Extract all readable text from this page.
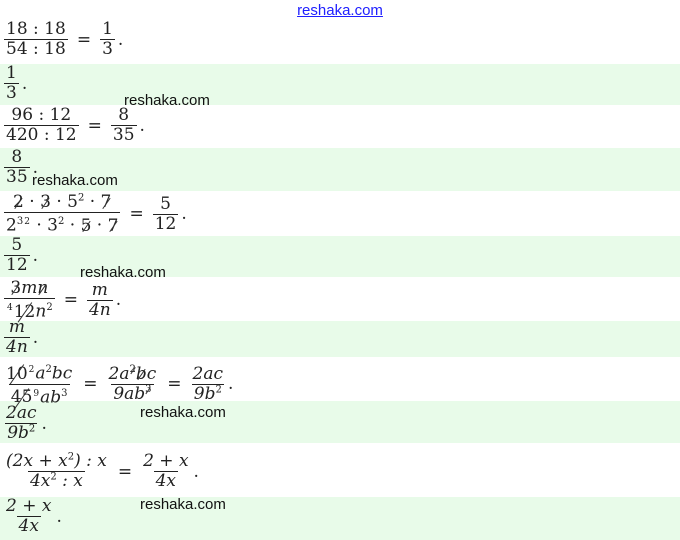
reshaka.com
reshaka.com
reshaka.com
reshaka.com
reshaka.com
reshaka.com
$\frac{18 : 18}{54 : 18} = \frac{1}{3}$ .
$\frac{1}{3}$ .
$\frac{96 : 12}{420 : 12} = \frac{8}{35}$ .
$\frac{8}{35}$ .
$\frac{2 \cdot 3 \cdot 5^2 \cdot 7}{2^{32} \cdot 3^2 \cdot 5 \cdot 7} = \frac{5}{12}$ .
$\frac{5}{12}$ .
$\frac{3mn}{^412n^2} = \frac{m}{4n}$ .
$\frac{m}{4n}$ .
$\frac{10^2a^2bc}{45^9ab^3} = \frac{2a^2bc}{9ab^3} = \frac{2ac}{9b^2}$ .
$\frac{2ac}{9b^2}$ .
$\frac{(2x + x^2) : x}{4x^2 : x} = \frac{2 + x}{4x}$ .
$\frac{2 + x}{4x}$ .
